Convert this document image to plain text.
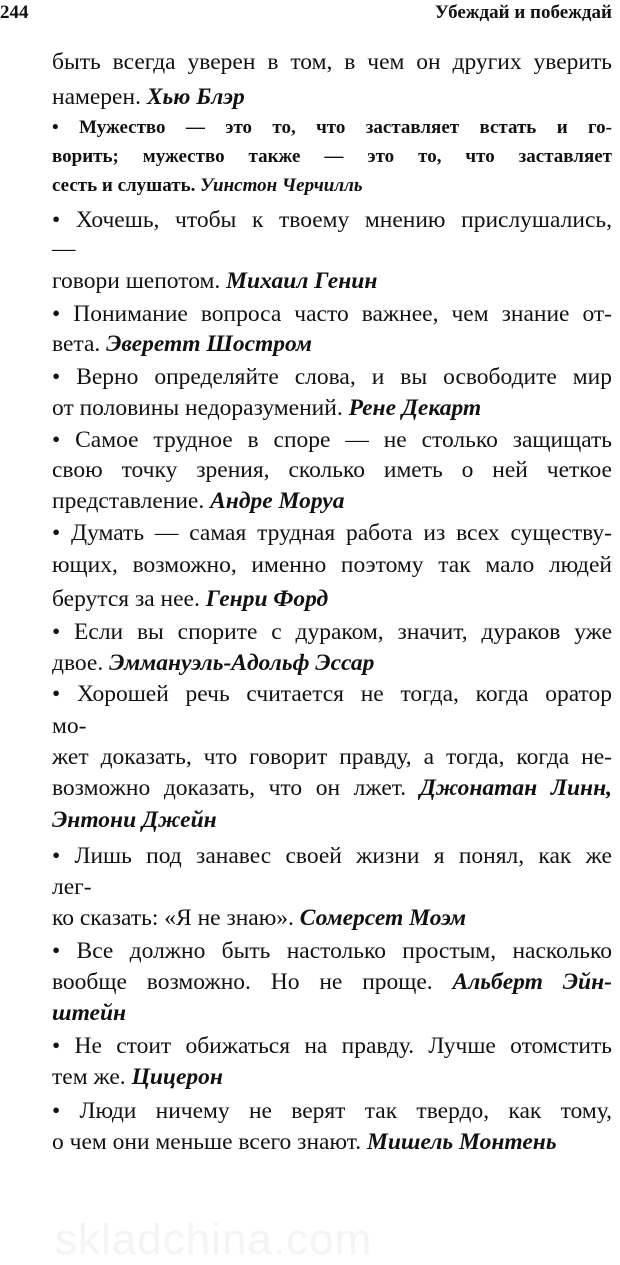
244	Убеждай и побеждай
быть всегда уверен в том, в чем он других уверить
намерен. Хью Блэр
• Мужество — это то, что заставляет встать и го-
ворить; мужество также — это то, что заставляет
сесть и слушать. Уинстон Черчилль
• Хочешь, чтобы к твоему мнению прислушались,
—
говори шепотом. Михаил Генин
• Понимание вопроса часто важнее, чем знание от-
вета. Эверетт Шостром
• Верно определяйте слова, и вы освободите мир
от половины недоразумений. Рене Декарт
• Самое трудное в споре — не столько защищать
свою точку зрения, сколько иметь о ней четкое
представление. Андре Моруа
• Думать — самая трудная работа из всех существу-
ющих, возможно, именно поэтому так мало людей
берутся за нее. Генри Форд
• Если вы спорите с дураком, значит, дураков уже
двое. Эммануэль-Адольф Эссар
• Хорошей речь считается не тогда, когда оратор
мо-
жет доказать, что говорит правду, а тогда, когда не-
возможно доказать, что он лжет. Джонатан Линн,
Энтони Джейн
• Лишь под занавес своей жизни я понял, как же
лег-
ко сказать: «Я не знаю». Сомерсет Моэм
• Все должно быть настолько простым, насколько
вообще возможно. Но не проще. Альберт Эйн-
штейн
• Не стоит обижаться на правду. Лучше отомстить
тем же. Цицерон
• Люди ничему не верят так твердо, как тому,
о чем они меньше всего знают. Мишель Монтень
skladchina.com
